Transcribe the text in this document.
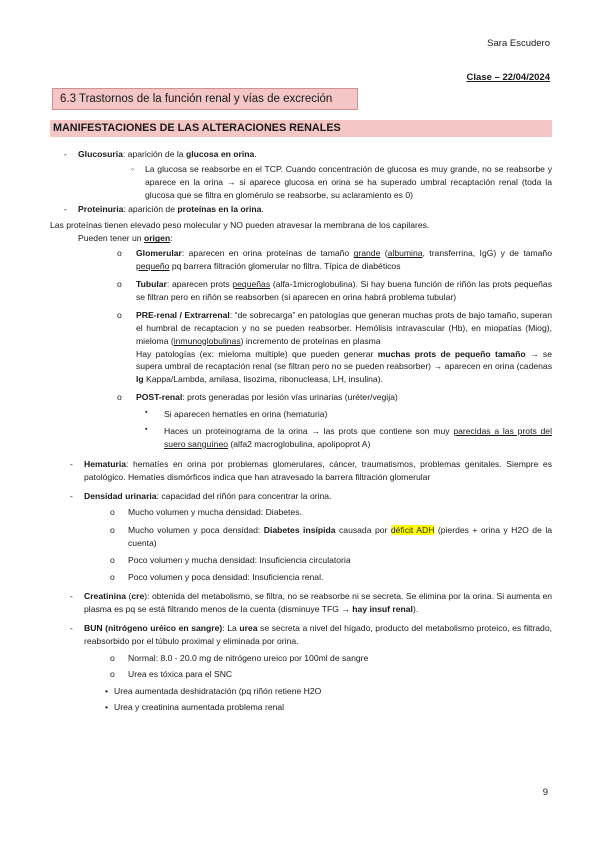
Sara Escudero
Clase – 22/04/2024
6.3 Trastornos de la función renal y vías de excreción
MANIFESTACIONES DE LAS ALTERACIONES RENALES
- Glucosuria: aparición de la glucosa en orina.
◦ La glucosa se reabsorbe en el TCP. Cuando concentración de glucosa es muy grande, no se reabsorbe y aparece en la orina → si aparece glucosa en orina se ha superado umbral recaptación renal (toda la glucosa que se filtra en glomérulo se reabsorbe, su aclaramiento es 0)

- Proteinuria: aparición de proteínas en la orina.
Las proteínas tienen elevado peso molecular y NO pueden atravesar la membrana de los capilares.
Pueden tener un origen:
o Glomerular: aparecen en orina proteínas de tamaño grande (albumina, transferrina, IgG) y de tamaño pequeño pq barrera filtración glomerular no filtra. Típica de diabéticos

o Tubular: aparecen prots pequeñas (alfa-1microglobulina). Si hay buena función de riñón las prots pequeñas se filtran pero en riñón se reabsorben (si aparecen en orina habrá problema tubular)

o PRE-renal / Extrarrenal: “de sobrecarga” en patologías que generan muchas prots de bajo tamaño, superan el humbral de recaptacion y no se pueden reabsorber. Hemólisis intravascular (Hb), en miopatías (Miog), mieloma (inmunoglobulinas) incremento de proteínas en plasma

Hay patologías (ex: mieloma multiple) que pueden generar muchas prots de pequeño tamaño → se supera umbral de recaptación renal (se filtran pero no se pueden reabsorber) → aparecen en orina (cadenas Ig Kappa/Lambda, amilasa, lisozima, ribonucleasa, LH, insulina).

o POST-renal: prots generadas por lesión vías urinarias (uréter/vegija)

▪ Si aparecen hematíes en orina (hematuria)

▪ Haces un proteinograma de la orina → las prots que contiene son muy parecidas a las prots del suero sanguíneo (alfa2 macroglobulina, apolipoprot A)

- Hematuria: hematíes en orina por problemas glomerulares, cáncer, traumatismos, problemas genitales. Siempre es patológico. Hematíes dismórficos indica que han atravesado la barrera filtración glomerular

- Densidad urinaria: capacidad del riñón para concentrar la orina.

o Mucho volumen y mucha densidad: Diabetes.

o Mucho volumen y poca densidad: Diabetes insípida causada por déficit ADH (pierdes + orina y H2O de la cuenta)

o Poco volumen y mucha densidad: Insuficiencia circulatoria

o Poco volumen y poca densidad: Insuficiencia renal.

- Creatinina (cre): obtenida del metabolismo, se filtra, no se reabsorbe ni se secreta. Se elimina por la orina. Si aumenta en plasma es pq se está filtrando menos de la cuenta (disminuye TFG → hay insuf renal).

- BUN (nitrógeno uréico en sangre): La urea se secreta a nivel del hígado, producto del metabolismo proteico, es filtrado, reabsorbido por el túbulo proximal y eliminada por orina.

o Normal: 8.0 - 20.0 mg de nitrógeno ureico por 100ml de sangre

o Urea es tóxica para el SNC

• Urea aumentada deshidratación (pq riñón retiene H2O

• Urea y creatinina aumentada problema renal

9
